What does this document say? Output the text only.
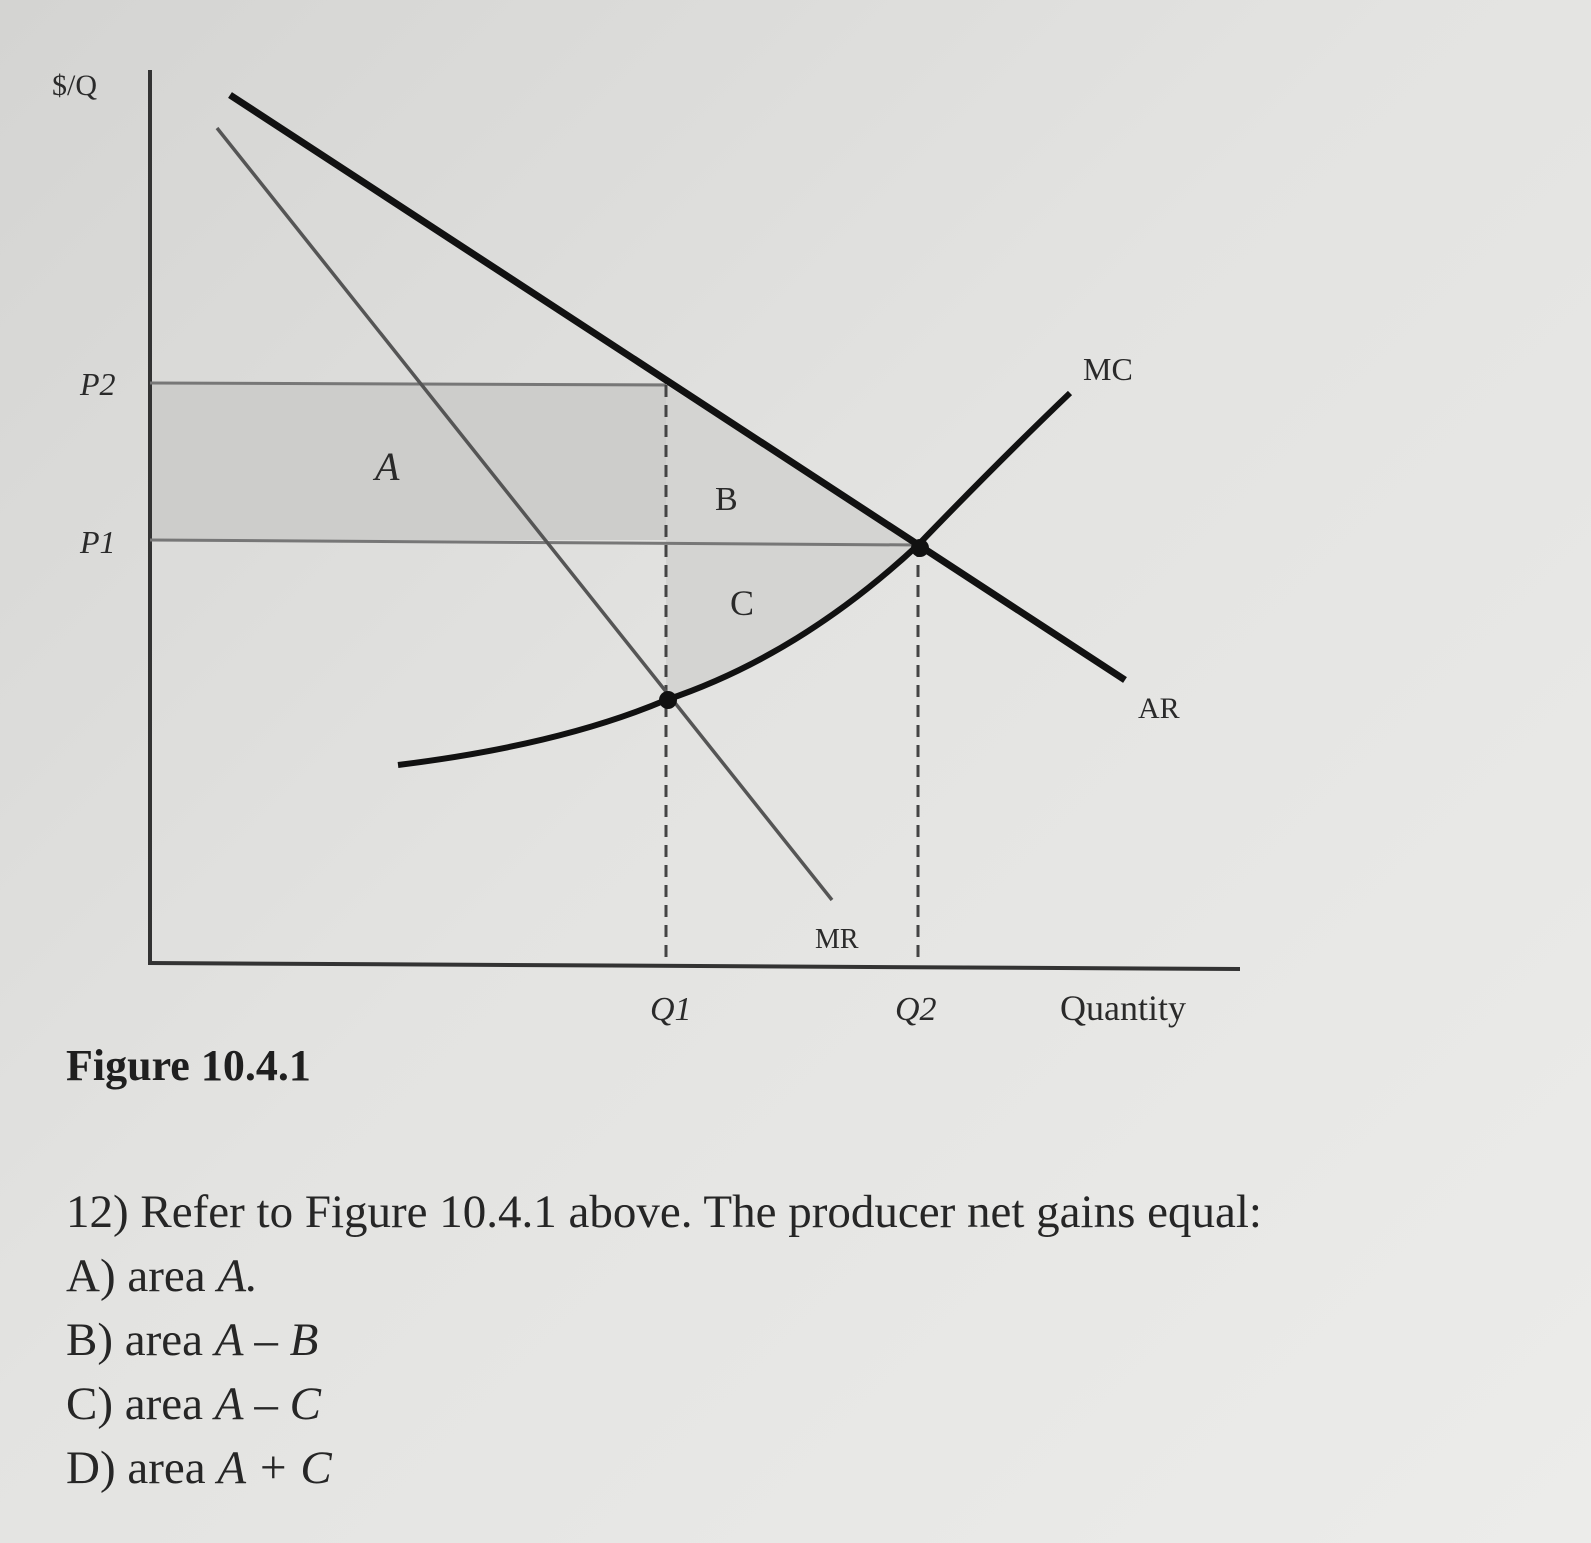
$/Q
P2
P1
A
B
C
MC
AR
MR
Q1	Q2	Quantity
Figure 10.4.1
12) Refer to Figure 10.4.1 above. The producer net gains equal:
A) area A.
B) area A – B
C) area A – C
D) area A + C
